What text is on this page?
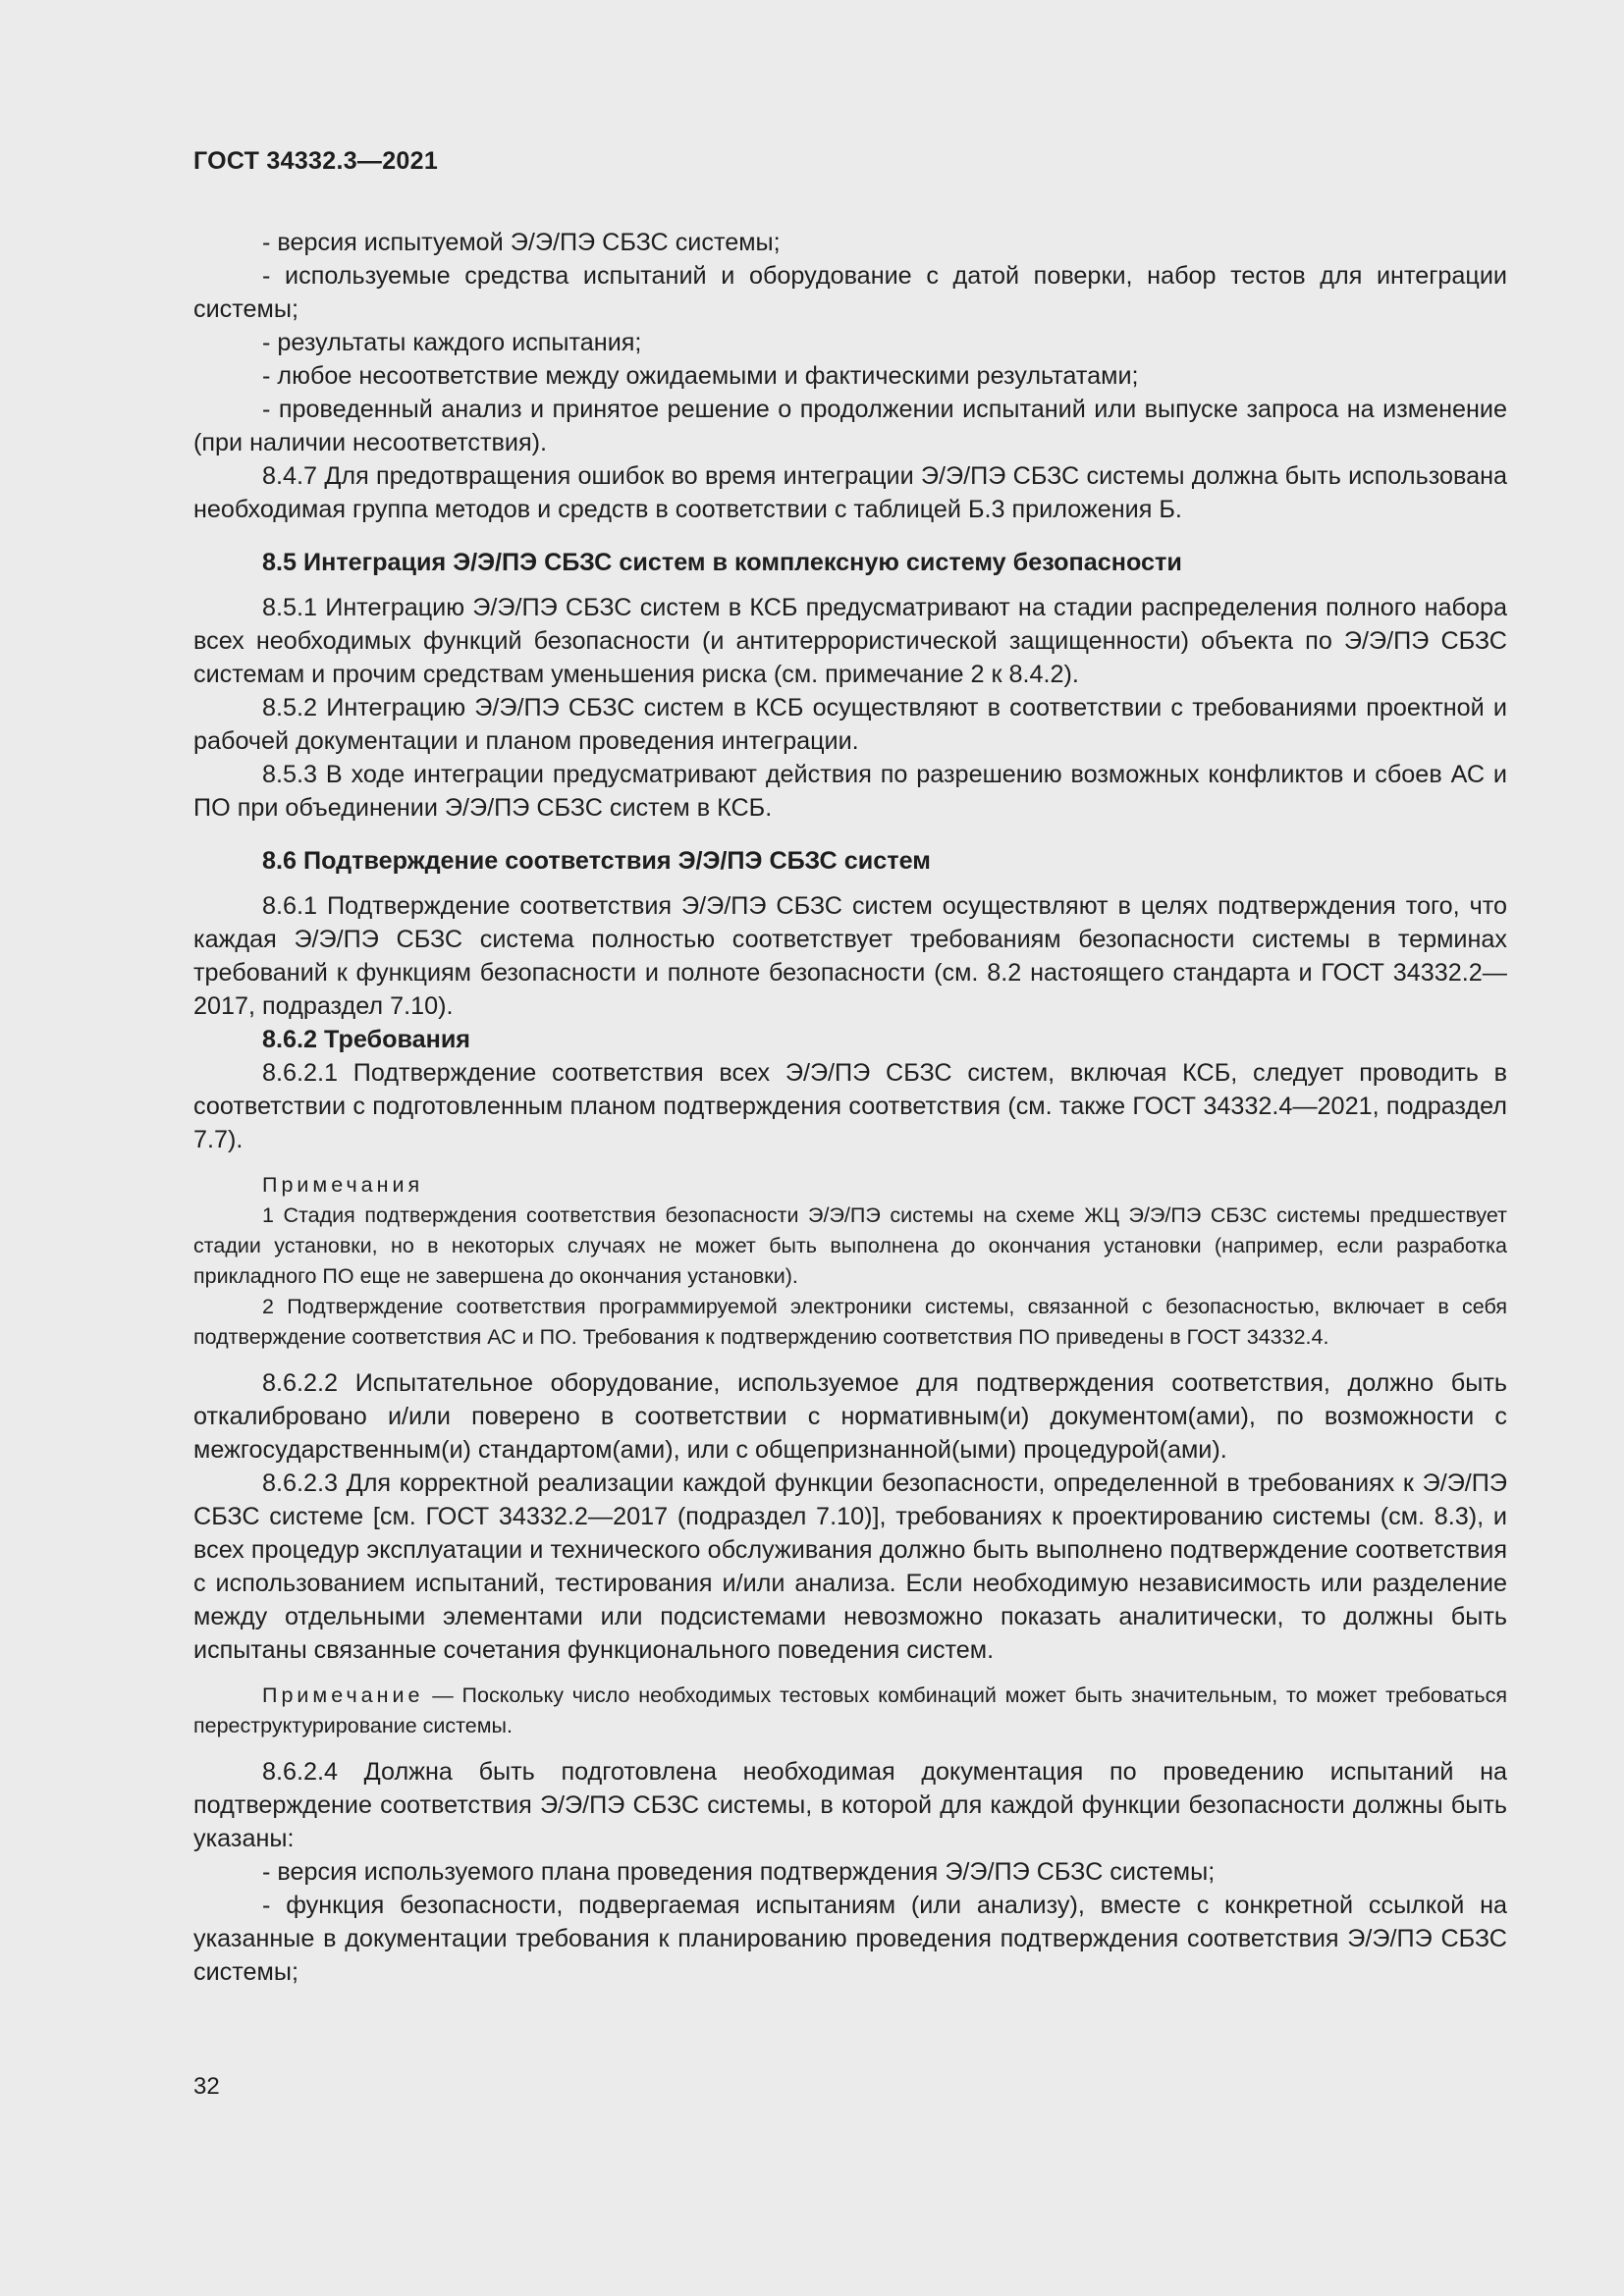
ГОСТ 34332.3—2021

- версия испытуемой Э/Э/ПЭ СБЗС системы;

- используемые средства испытаний и оборудование с датой поверки, набор тестов для интеграции системы;

- результаты каждого испытания;

- любое несоответствие между ожидаемыми и фактическими результатами;

- проведенный анализ и принятое решение о продолжении испытаний или выпуске запроса на изменение (при наличии несоответствия).

8.4.7 Для предотвращения ошибок во время интеграции Э/Э/ПЭ СБЗС системы должна быть использована необходимая группа методов и средств в соответствии с таблицей Б.3 приложения Б.

8.5 Интеграция Э/Э/ПЭ СБЗС систем в комплексную систему безопасности

8.5.1 Интеграцию Э/Э/ПЭ СБЗС систем в КСБ предусматривают на стадии распределения полного набора всех необходимых функций безопасности (и антитеррористической защищенности) объекта по Э/Э/ПЭ СБЗС системам и прочим средствам уменьшения риска (см. примечание 2 к 8.4.2).

8.5.2 Интеграцию Э/Э/ПЭ СБЗС систем в КСБ осуществляют в соответствии с требованиями проектной и рабочей документации и планом проведения интеграции.

8.5.3 В ходе интеграции предусматривают действия по разрешению возможных конфликтов и сбоев АС и ПО при объединении Э/Э/ПЭ СБЗС систем в КСБ.

8.6 Подтверждение соответствия Э/Э/ПЭ СБЗС систем

8.6.1 Подтверждение соответствия Э/Э/ПЭ СБЗС систем осуществляют в целях подтверждения того, что каждая Э/Э/ПЭ СБЗС система полностью соответствует требованиям безопасности системы в терминах требований к функциям безопасности и полноте безопасности (см. 8.2 настоящего стандарта и ГОСТ 34332.2—2017, подраздел 7.10).

8.6.2 Требования

8.6.2.1 Подтверждение соответствия всех Э/Э/ПЭ СБЗС систем, включая КСБ, следует проводить в соответствии с подготовленным планом подтверждения соответствия (см. также ГОСТ 34332.4—2021, подраздел 7.7).

Примечания

1 Стадия подтверждения соответствия безопасности Э/Э/ПЭ системы на схеме ЖЦ Э/Э/ПЭ СБЗС системы предшествует стадии установки, но в некоторых случаях не может быть выполнена до окончания установки (например, если разработка прикладного ПО еще не завершена до окончания установки).

2 Подтверждение соответствия программируемой электроники системы, связанной с безопасностью, включает в себя подтверждение соответствия АС и ПО. Требования к подтверждению соответствия ПО приведены в ГОСТ 34332.4.

8.6.2.2 Испытательное оборудование, используемое для подтверждения соответствия, должно быть откалибровано и/или поверено в соответствии с нормативным(и) документом(ами), по возможности с межгосударственным(и) стандартом(ами), или с общепризнанной(ыми) процедурой(ами).

8.6.2.3 Для корректной реализации каждой функции безопасности, определенной в требованиях к Э/Э/ПЭ СБЗС системе [см. ГОСТ 34332.2—2017 (подраздел 7.10)], требованиях к проектированию системы (см. 8.3), и всех процедур эксплуатации и технического обслуживания должно быть выполнено подтверждение соответствия с использованием испытаний, тестирования и/или анализа. Если необходимую независимость или разделение между отдельными элементами или подсистемами невозможно показать аналитически, то должны быть испытаны связанные сочетания функционального поведения систем.

Примечание — Поскольку число необходимых тестовых комбинаций может быть значительным, то может требоваться переструктурирование системы.

8.6.2.4 Должна быть подготовлена необходимая документация по проведению испытаний на подтверждение соответствия Э/Э/ПЭ СБЗС системы, в которой для каждой функции безопасности должны быть указаны:

- версия используемого плана проведения подтверждения Э/Э/ПЭ СБЗС системы;

- функция безопасности, подвергаемая испытаниям (или анализу), вместе с конкретной ссылкой на указанные в документации требования к планированию проведения подтверждения соответствия Э/Э/ПЭ СБЗС системы;

32
